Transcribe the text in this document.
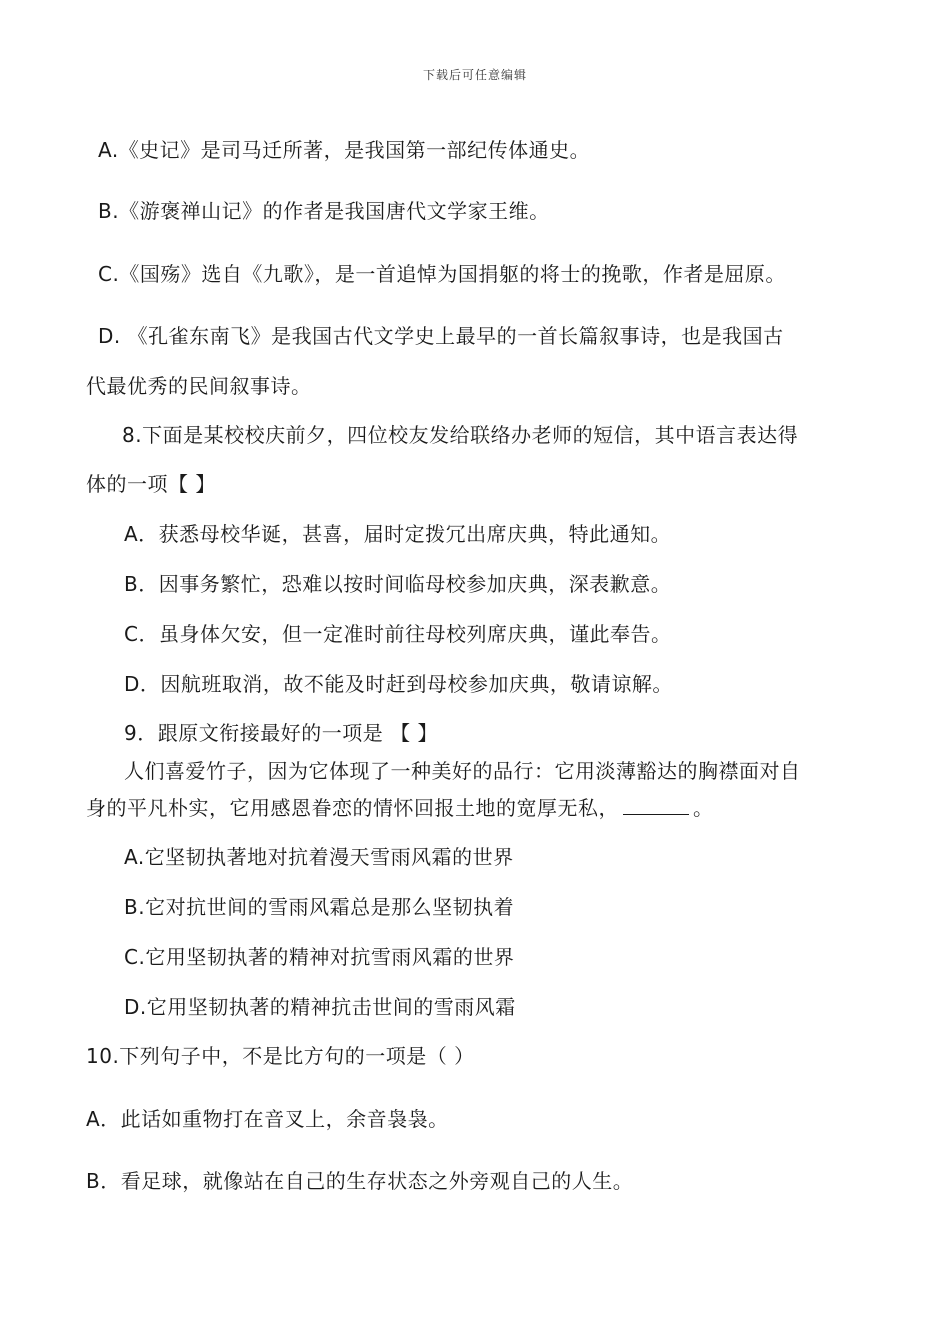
下载后可任意编辑
A.《史记》是司马迁所著，是我国第一部纪传体通史。
B.《游褒禅山记》的作者是我国唐代文学家王维。
C.《国殇》选自《九歌》，是一首追悼为国捐躯的将士的挽歌，作者是屈原。
D. 《孔雀东南飞》是我国古代文学史上最早的一首长篇叙事诗，也是我国古
代最优秀的民间叙事诗。
8.下面是某校校庆前夕，四位校友发给联络办老师的短信，其中语言表达得
体的一项【 】
A．获悉母校华诞，甚喜，届时定拨冗出席庆典，特此通知。
B．因事务繁忙，恐难以按时间临母校参加庆典，深表歉意。
C．虽身体欠安，但一定准时前往母校列席庆典，谨此奉告。
D．因航班取消，故不能及时赶到母校参加庆典，敬请谅解。
9．跟原文衔接最好的一项是 【 】
人们喜爱竹子，因为它体现了一种美好的品行：它用淡薄豁达的胸襟面对自
身的平凡朴实，它用感恩眷恋的情怀回报土地的宽厚无私，	。
A.它坚韧执著地对抗着漫天雪雨风霜的世界
B.它对抗世间的雪雨风霜总是那么坚韧执着
C.它用坚韧执著的精神对抗雪雨风霜的世界
D.它用坚韧执著的精神抗击世间的雪雨风霜
10.下列句子中，不是比方句的一项是（ ）
A．此话如重物打在音叉上，余音袅袅。
B．看足球，就像站在自己的生存状态之外旁观自己的人生。
